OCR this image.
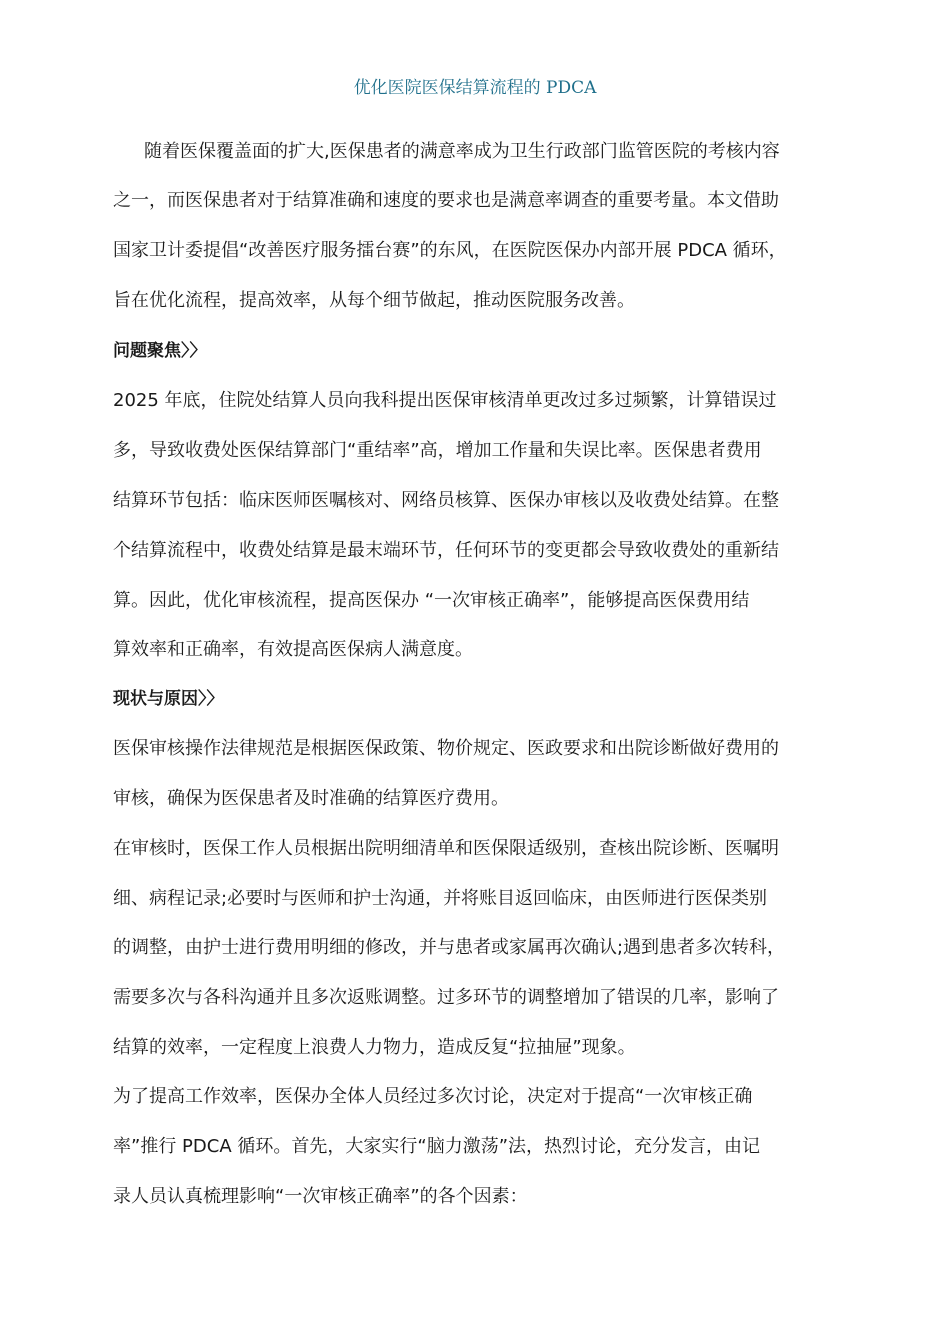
优化医院医保结算流程的 PDCA
随着医保覆盖面的扩大,医保患者的满意率成为卫生行政部门监管医院的考核内容
之一，而医保患者对于结算准确和速度的要求也是满意率调查的重要考量。本文借助
国家卫计委提倡“改善医疗服务擂台赛”的东风，在医院医保办内部开展 PDCA 循环，
旨在优化流程，提高效率，从每个细节做起，推动医院服务改善。
问题聚焦〉〉
2025 年底，住院处结算人员向我科提出医保审核清单更改过多过频繁，计算错误过
多，导致收费处医保结算部门“重结率”高，增加工作量和失误比率。医保患者费用
结算环节包括：临床医师医嘱核对、网络员核算、医保办审核以及收费处结算。在整
个结算流程中，收费处结算是最末端环节，任何环节的变更都会导致收费处的重新结
算。因此，优化审核流程，提高医保办 “一次审核正确率”，能够提高医保费用结
算效率和正确率，有效提高医保病人满意度。
现状与原因〉〉
医保审核操作法律规范是根据医保政策、物价规定、医政要求和出院诊断做好费用的
审核，确保为医保患者及时准确的结算医疗费用。
在审核时，医保工作人员根据出院明细清单和医保限适级别，查核出院诊断、医嘱明
细、病程记录;必要时与医师和护士沟通，并将账目返回临床，由医师进行医保类别
的调整，由护士进行费用明细的修改，并与患者或家属再次确认;遇到患者多次转科，
需要多次与各科沟通并且多次返账调整。过多环节的调整增加了错误的几率，影响了
结算的效率，一定程度上浪费人力物力，造成反复“拉抽屉”现象。
为了提高工作效率，医保办全体人员经过多次讨论，决定对于提高“一次审核正确
率”推行 PDCA 循环。首先，大家实行“脑力激荡”法，热烈讨论，充分发言，由记
录人员认真梳理影响“一次审核正确率”的各个因素：
